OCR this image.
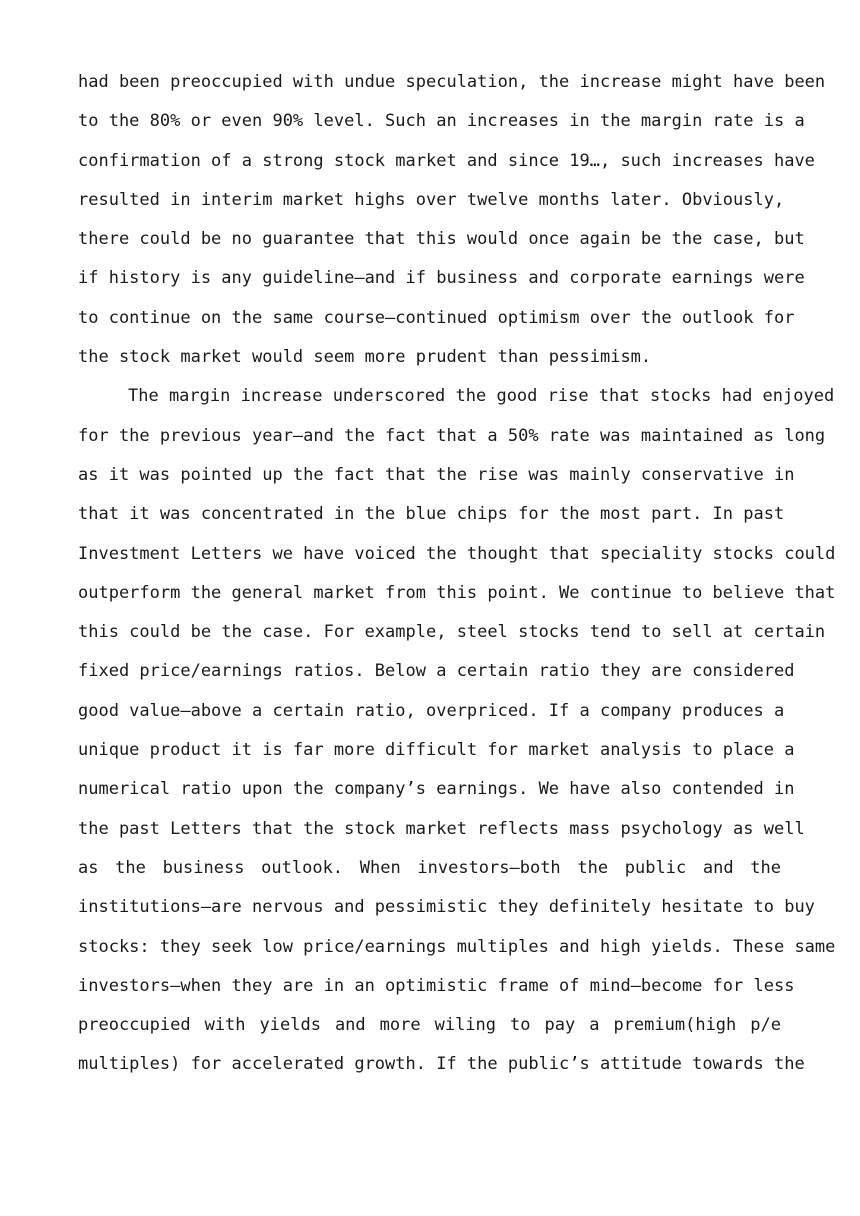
had been preoccupied with undue speculation, the increase might have been
to the 80% or even 90% level. Such an increases in the margin rate is a
confirmation of a strong stock market and since 19…, such increases have
resulted in interim market highs over twelve months later. Obviously,
there could be no guarantee that this would once again be the case, but
if history is any guideline—and if business and corporate earnings were
to continue on the same course—continued optimism over the outlook for
the stock market would seem more prudent than pessimism.
The margin increase underscored the good rise that stocks had enjoyed
for the previous year—and the fact that a 50% rate was maintained as long
as it was pointed up the fact that the rise was mainly conservative in
that it was concentrated in the blue chips for the most part. In past
Investment Letters we have voiced the thought that speciality stocks could
outperform the general market from this point. We continue to believe that
this could be the case. For example, steel stocks tend to sell at certain
fixed price/earnings ratios. Below a certain ratio they are considered
good value—above a certain ratio, overpriced. If a company produces a
unique product it is far more difficult for market analysis to place a
numerical ratio upon the company’s earnings. We have also contended in
the past Letters that the stock market reflects mass psychology as well
as the business outlook. When investors—both the public and the
institutions—are nervous and pessimistic they definitely hesitate to buy
stocks: they seek low price/earnings multiples and high yields. These same
investors—when they are in an optimistic frame of mind—become for less
preoccupied with yields and more wiling to pay a premium(high p/e
multiples) for accelerated growth. If the public’s attitude towards the
